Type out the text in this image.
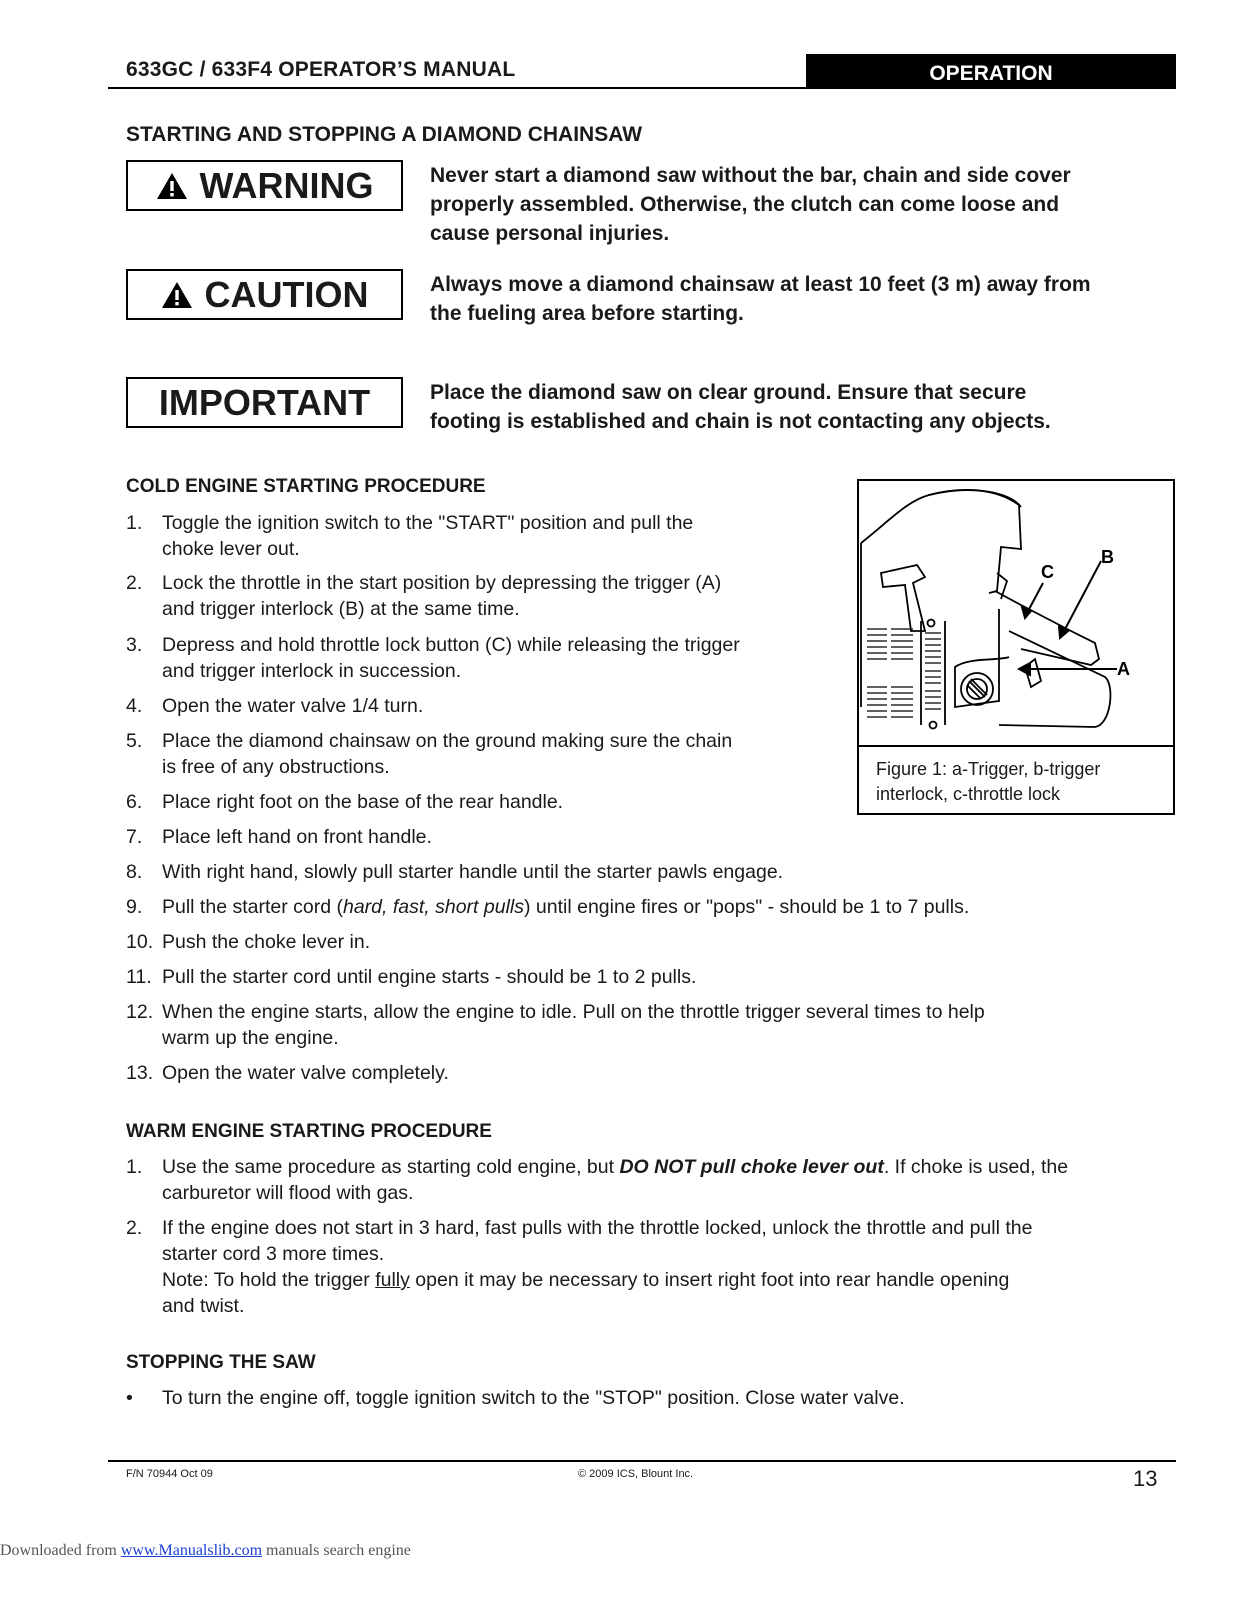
633GC / 633F4 OPERATOR’S MANUAL	OPERATION
STARTING AND STOPPING A DIAMOND CHAINSAW
WARNING	Never start a diamond saw without the bar, chain and side cover
properly assembled. Otherwise, the clutch can come loose and
cause personal injuries.
CAUTION	Always move a diamond chainsaw at least 10 feet (3 m) away from
the fueling area before starting.
IMPORTANT	Place the diamond saw on clear ground. Ensure that secure
footing is established and chain is not contacting any objects.
COLD ENGINE STARTING PROCEDURE
1. Toggle the ignition switch to the "START" position and pull the
choke lever out.
2. Lock the throttle in the start position by depressing the trigger (A)
and trigger interlock (B) at the same time.
3. Depress and hold throttle lock button (C) while releasing the trigger
and trigger interlock in succession.
4. Open the water valve 1/4 turn.
5. Place the diamond chainsaw on the ground making sure the chain
is free of any obstructions.
6. Place right foot on the base of the rear handle.
7. Place left hand on front handle.
8. With right hand, slowly pull starter handle until the starter pawls engage.
9. Pull the starter cord (hard, fast, short pulls) until engine fires or "pops" - should be 1 to 7 pulls.
10. Push the choke lever in.
11. Pull the starter cord until engine starts - should be 1 to 2 pulls.
12. When the engine starts, allow the engine to idle. Pull on the throttle trigger several times to help
warm up the engine.
13. Open the water valve completely.
C
B
A
Figure 1: a-Trigger, b-trigger
interlock, c-throttle lock
WARM ENGINE STARTING PROCEDURE
1. Use the same procedure as starting cold engine, but DO NOT pull choke lever out. If choke is used, the
carburetor will flood with gas.
2. If the engine does not start in 3 hard, fast pulls with the throttle locked, unlock the throttle and pull the
starter cord 3 more times.
Note: To hold the trigger fully open it may be necessary to insert right foot into rear handle opening
and twist.
STOPPING THE SAW
• To turn the engine off, toggle ignition switch to the "STOP" position. Close water valve.
F/N 70944 Oct 09	© 2009 ICS, Blount Inc.	13
Downloaded from www.Manualslib.com manuals search engine
